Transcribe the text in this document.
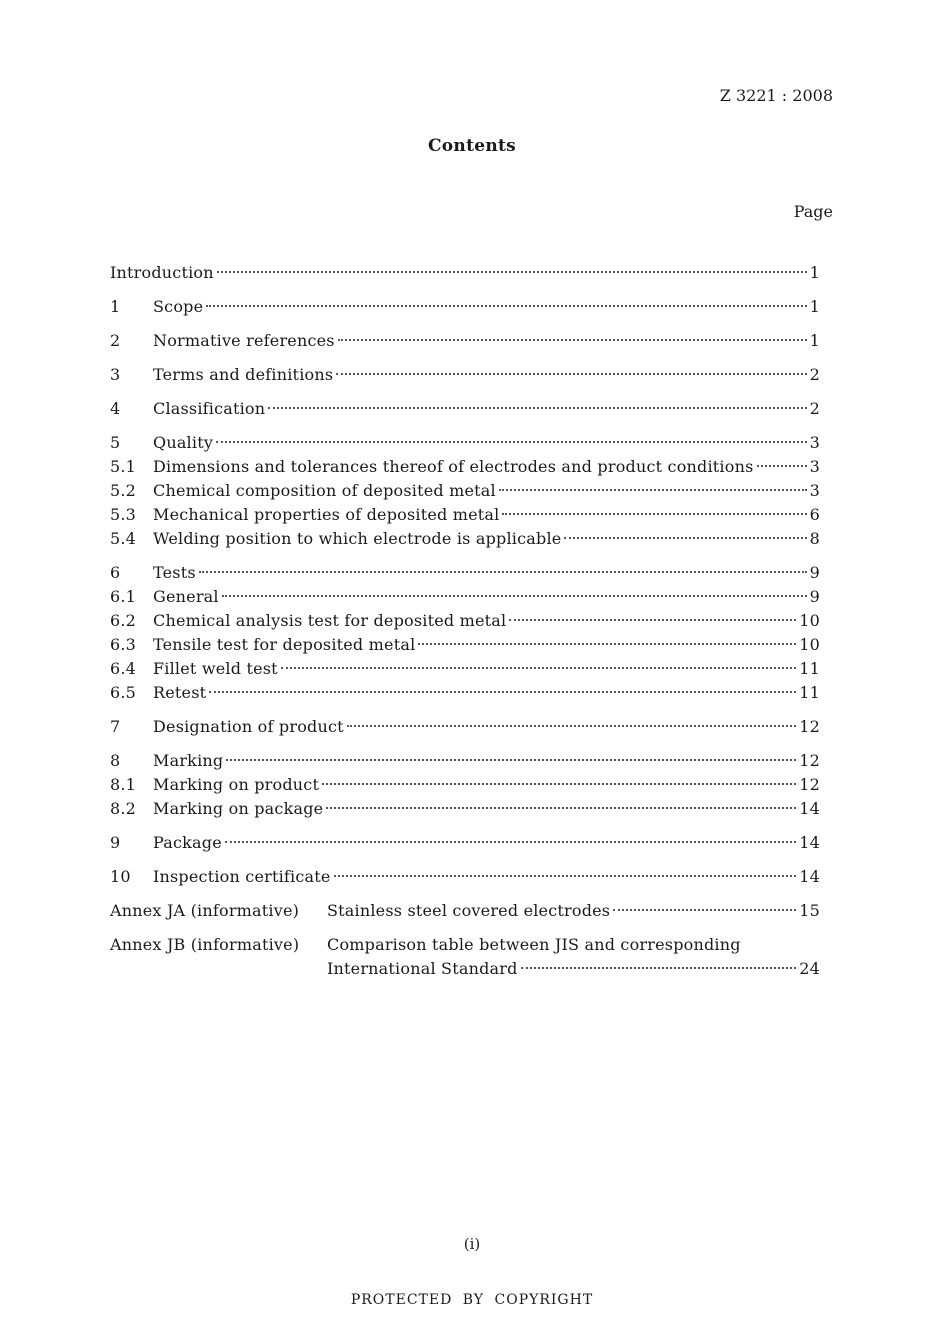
Z 3221 : 2008
Contents
Page
Introduction	1
1	Scope	1
2	Normative references	1
3	Terms and definitions	2
4	Classification	2
5	Quality	3
5.1	Dimensions and tolerances thereof of electrodes and product conditions	3
5.2	Chemical composition of deposited metal	3
5.3	Mechanical properties of deposited metal	6
5.4	Welding position to which electrode is applicable	8
6	Tests	9
6.1	General	9
6.2	Chemical analysis test for deposited metal	10
6.3	Tensile test for deposited metal	10
6.4	Fillet weld test	11
6.5	Retest	11
7	Designation of product	12
8	Marking	12
8.1	Marking on product	12
8.2	Marking on package	14
9	Package	14
10	Inspection certificate	14
Annex JA (informative)	Stainless steel covered electrodes	15
Annex JB (informative)	Comparison table between JIS and corresponding
International Standard	24
(i)
PROTECTED BY COPYRIGHT
